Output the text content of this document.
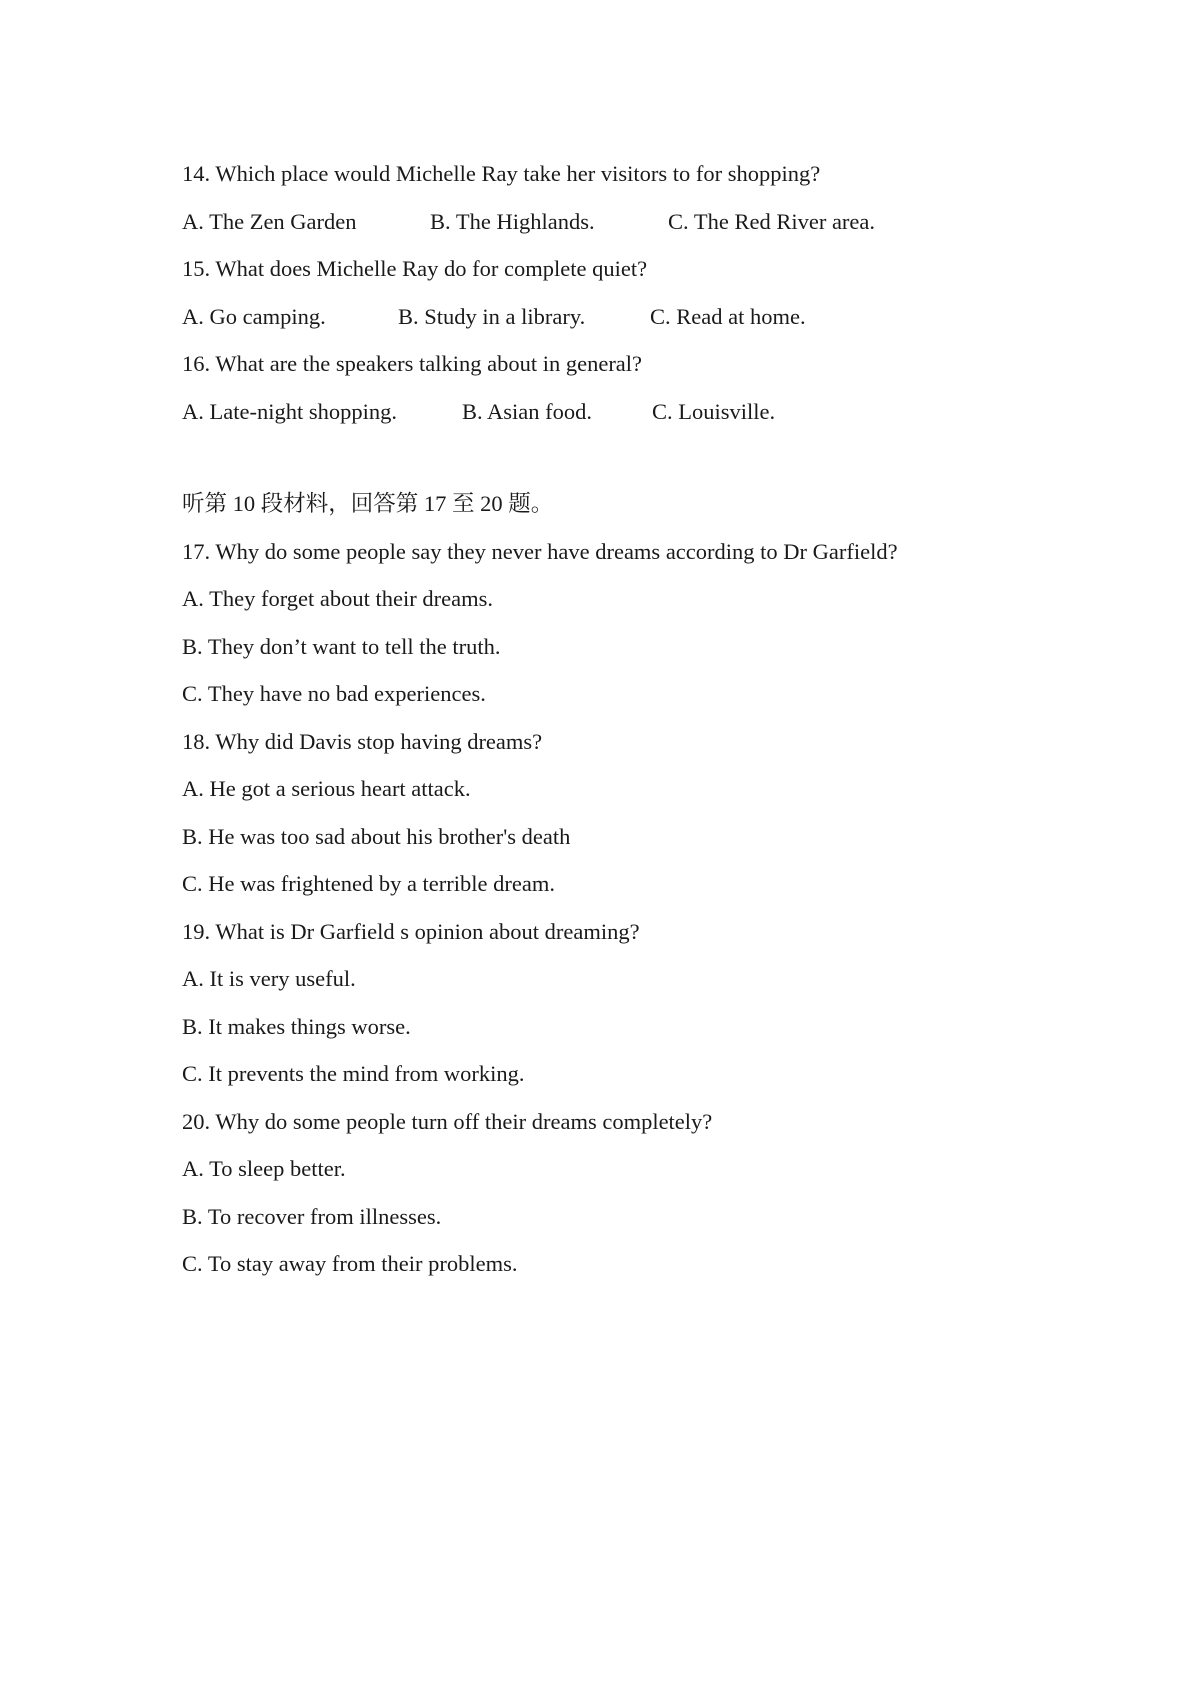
14. Which place would Michelle Ray take her visitors to for shopping?
A. The Zen Garden	B. The Highlands.	C. The Red River area.
15. What does Michelle Ray do for complete quiet?
A. Go camping.	B. Study in a library.	C. Read at home.
16. What are the speakers talking about in general?
A. Late-night shopping.	B. Asian food.	C. Louisville.
听第 10 段材料，回答第 17 至 20 题。
17. Why do some people say they never have dreams according to Dr Garfield?
A. They forget about their dreams.
B. They don’t want to tell the truth.
C. They have no bad experiences.
18. Why did Davis stop having dreams?
A. He got a serious heart attack.
B. He was too sad about his brother's death
C. He was frightened by a terrible dream.
19. What is Dr Garfield s opinion about dreaming?
A. It is very useful.
B. It makes things worse.
C. It prevents the mind from working.
20. Why do some people turn off their dreams completely?
A. To sleep better.
B. To recover from illnesses.
C. To stay away from their problems.
